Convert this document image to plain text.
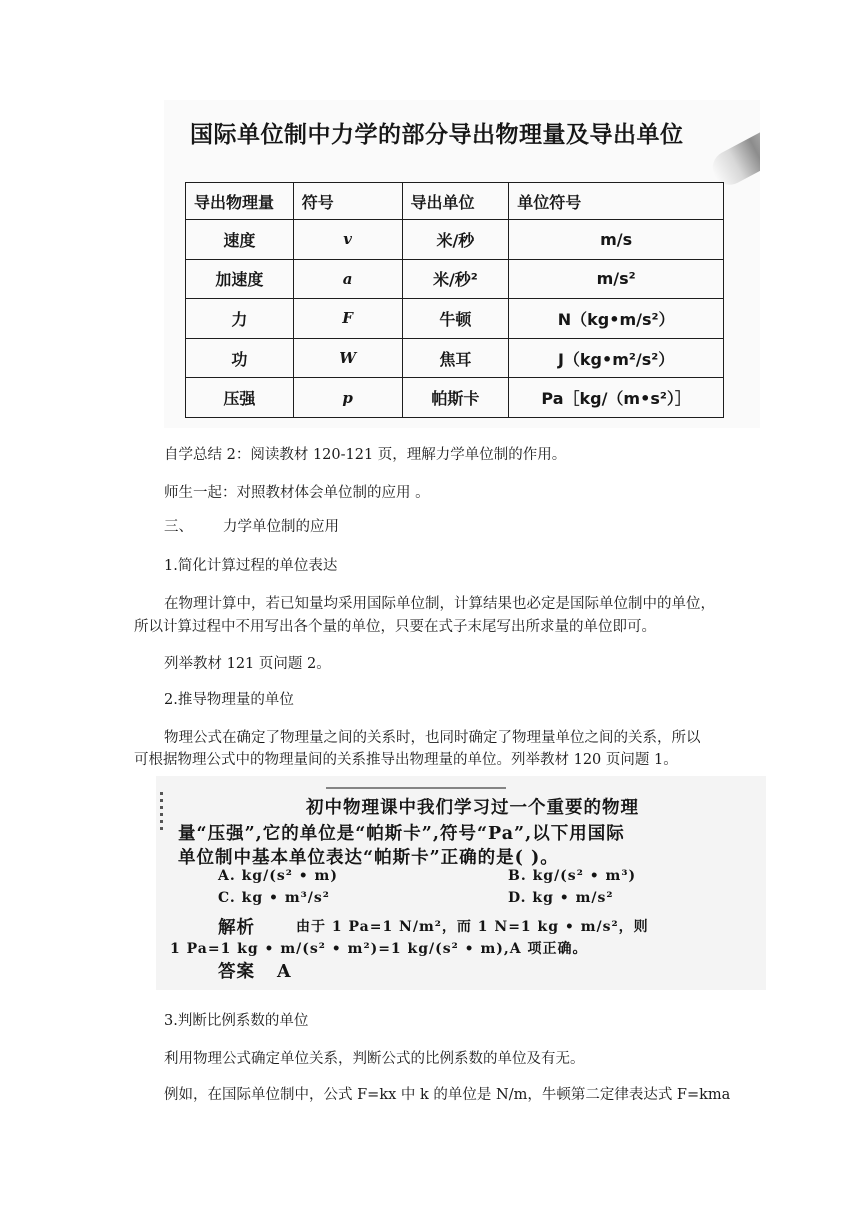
国际单位制中力学的部分导出物理量及导出单位
导出物理量	符号	导出单位	单位符号
速度	v	米/秒	m/s
加速度	a	米/秒²	m/s²
力	F	牛顿	N（kg•m/s²）
功	W	焦耳	J（kg•m²/s²）
压强	p	帕斯卡	Pa［kg/（m•s²）］
自学总结 2：阅读教材 120-121 页，理解力学单位制的作用。
师生一起：对照教材体会单位制的应用 。
三、 力学单位制的应用
1.简化计算过程的单位表达
在物理计算中，若已知量均采用国际单位制，计算结果也必定是国际单位制中的单位，
所以计算过程中不用写出各个量的单位，只要在式子末尾写出所求量的单位即可。
列举教材 121 页问题 2。
2.推导物理量的单位
物理公式在确定了物理量之间的关系时，也同时确定了物理量单位之间的关系，所以
可根据物理公式中的物理量间的关系推导出物理量的单位。列举教材 120 页问题 1。
初中物理课中我们学习过一个重要的物理
量“压强”,它的单位是“帕斯卡”,符号“Pa”,以下用国际
单位制中基本单位表达“帕斯卡”正确的是( )。
A. kg/(s² • m)	B. kg/(s² • m³)
C. kg • m³/s²	D. kg • m/s²
解析	由于 1 Pa=1 N/m²，而 1 N=1 kg • m/s²，则
1 Pa=1 kg • m/(s² • m²)=1 kg/(s² • m),A 项正确。
答案 A
3.判断比例系数的单位
利用物理公式确定单位关系，判断公式的比例系数的单位及有无。
例如，在国际单位制中，公式 F=kx 中 k 的单位是 N/m，牛顿第二定律表达式 F=kma
